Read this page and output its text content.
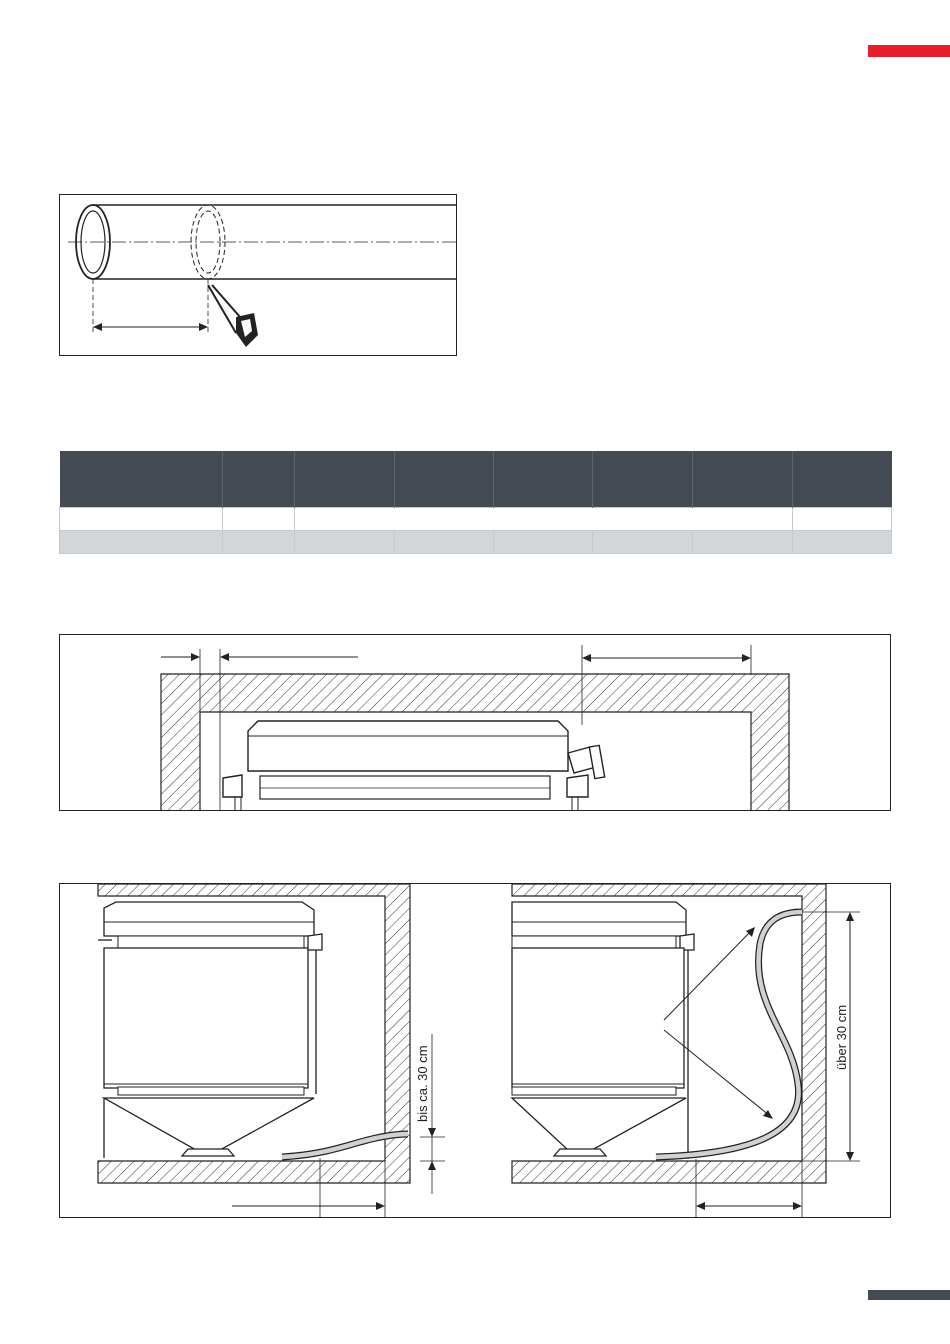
bis ca. 30 cm
über 30 cm
